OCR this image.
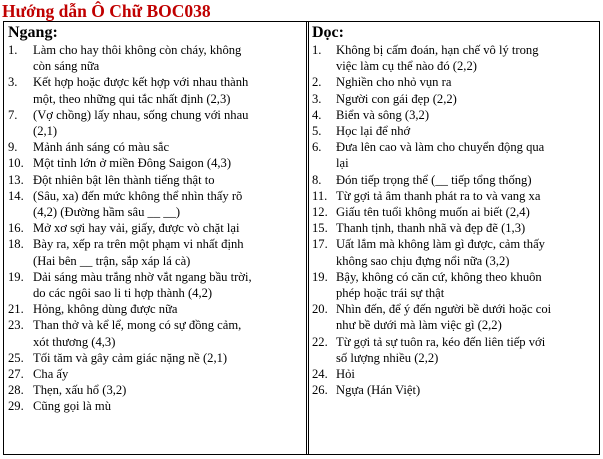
Hướng dẫn Ô Chữ BOC038
Ngang:
1.	Làm cho hay thôi không còn cháy, không
còn sáng nữa
3.	Kết hợp hoặc được kết hợp với nhau thành
một, theo những qui tắc nhất định (2,3)
7.	(Vợ chồng) lấy nhau, sống chung với nhau
(2,1)
9.	Mảnh ánh sáng có màu sắc
10. Một tỉnh lớn ở miền Đông Saigon (4,3)
13. Đột nhiên bật lên thành tiếng thật to
14. (Sâu, xa) đến mức không thể nhìn thấy rõ
(4,2) (Đường hầm sâu __ __)
16. Mở xơ sợi hay vải, giấy, được vò chặt lại
18. Bày ra, xếp ra trên một phạm vi nhất định
(Hai bên __ trận, sắp xáp lá cà)
19. Dải sáng màu trắng nhờ vắt ngang bầu trời,
do các ngôi sao li ti hợp thành (4,2)
21. Hỏng, không dùng được nữa
23. Than thở và kể lể, mong có sự đồng cảm,
xót thương (4,3)
25. Tối tăm và gây cảm giác nặng nề (2,1)
27. Cha ấy
28. Thẹn, xấu hổ (3,2)
29. Cũng gọi là mù
Dọc:
1.	Không bị cấm đoán, hạn chế vô lý trong
việc làm cụ thể nào đó (2,2)
2.	Nghiền cho nhỏ vụn ra
3.	Người con gái đẹp (2,2)
4.	Biển và sông (3,2)
5.	Học lại để nhớ
6.	Đưa lên cao và làm cho chuyển động qua
lại
8.	Đón tiếp trọng thể (__ tiếp tổng thống)
11. Từ gợi tả âm thanh phát ra to và vang xa
12. Giấu tên tuổi không muốn ai biết (2,4)
15. Thanh tịnh, thanh nhã và đẹp đẽ (1,3)
17. Uất lắm mà không làm gì được, cảm thấy
không sao chịu đựng nổi nữa (3,2)
19. Bậy, không có căn cứ, không theo khuôn
phép hoặc trái sự thật
20. Nhìn đến, để ý đến người bề dưới hoặc coi
như bề dưới mà làm việc gì (2,2)
22. Từ gợi tả sự tuôn ra, kéo đến liên tiếp với
số lượng nhiều (2,2)
24. Hỏi
26. Ngựa (Hán Việt)
